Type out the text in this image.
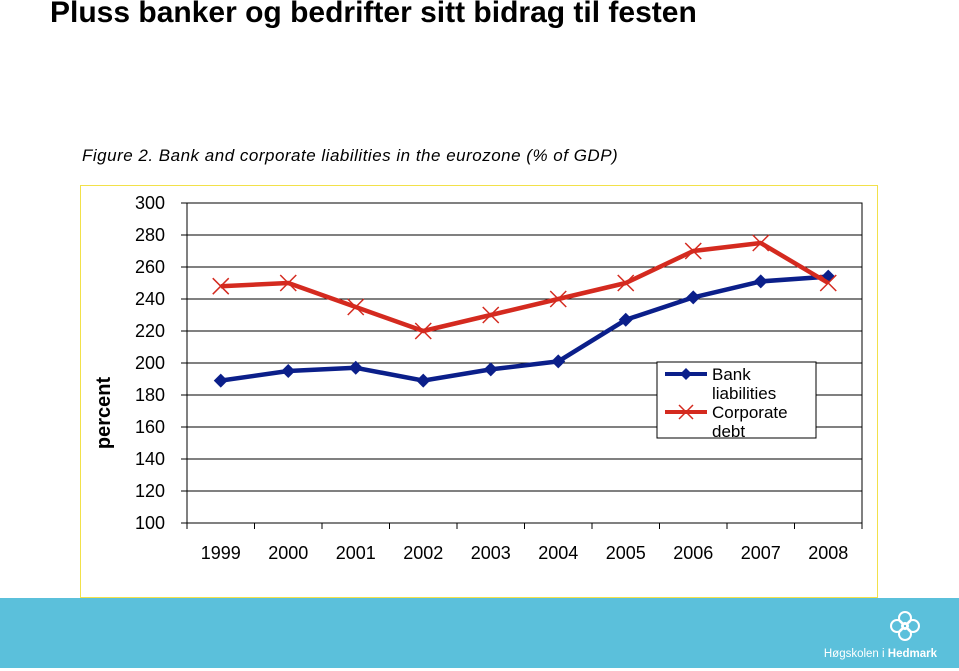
Pluss banker og bedrifter sitt bidrag til festen
Figure 2. Bank and corporate liabilities in the eurozone (% of GDP)
100
120
140
160
180
200
220
240
260
280
300
1999 2000 2001 2002 2003 2004 2005 2006 2007 2008
percent
Bank liabilities
Corporate debt
Høgskolen i Hedmark
